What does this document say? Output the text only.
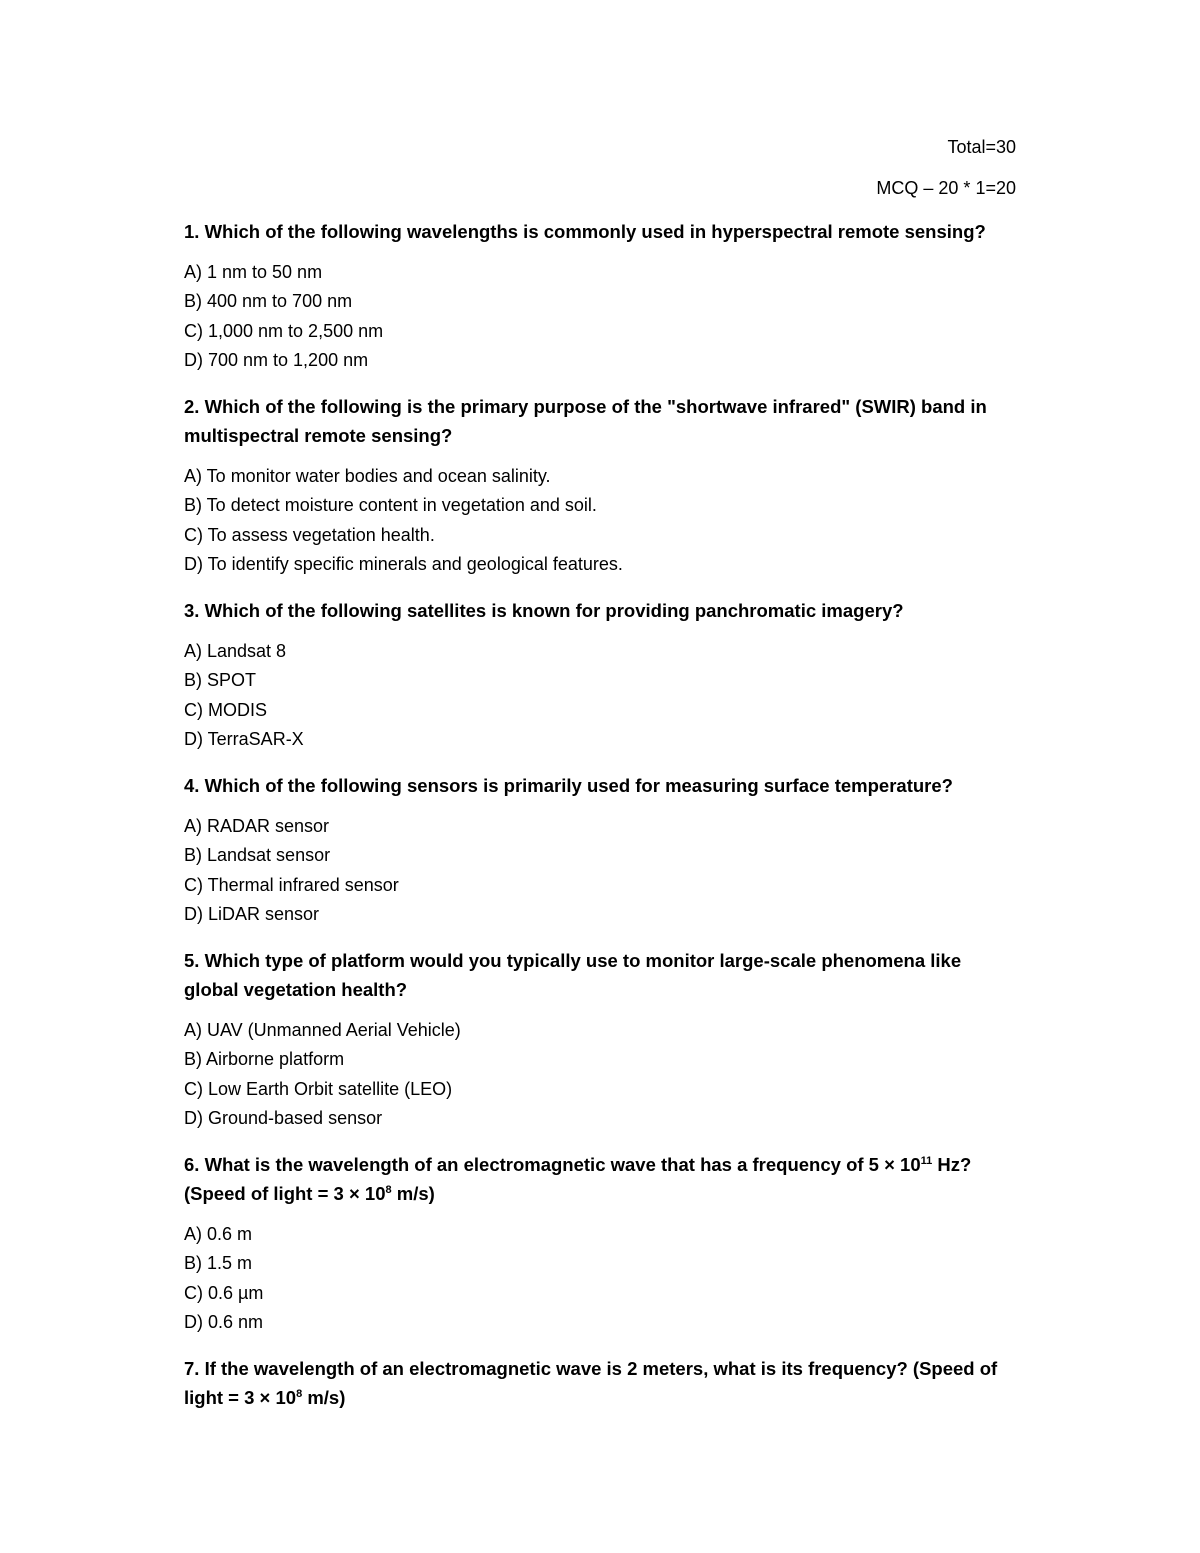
Total=30
MCQ – 20 * 1=20

1. Which of the following wavelengths is commonly used in hyperspectral remote sensing?

A) 1 nm to 50 nm
B) 400 nm to 700 nm
C) 1,000 nm to 2,500 nm
D) 700 nm to 1,200 nm

2. Which of the following is the primary purpose of the "shortwave infrared" (SWIR) band in multispectral remote sensing?

A) To monitor water bodies and ocean salinity.
B) To detect moisture content in vegetation and soil.
C) To assess vegetation health.
D) To identify specific minerals and geological features.

3. Which of the following satellites is known for providing panchromatic imagery?

A) Landsat 8
B) SPOT
C) MODIS
D) TerraSAR-X

4. Which of the following sensors is primarily used for measuring surface temperature?

A) RADAR sensor
B) Landsat sensor
C) Thermal infrared sensor
D) LiDAR sensor

5. Which type of platform would you typically use to monitor large-scale phenomena like global vegetation health?

A) UAV (Unmanned Aerial Vehicle)
B) Airborne platform
C) Low Earth Orbit satellite (LEO)
D) Ground-based sensor

6. What is the wavelength of an electromagnetic wave that has a frequency of $5 \times 10^{11}$ Hz? (Speed of light = $3 \times 10^8$ m/s)

A) 0.6 m
B) 1.5 m
C) 0.6 µm
D) 0.6 nm

7. If the wavelength of an electromagnetic wave is 2 meters, what is its frequency? (Speed of light = $3 \times 10^8$ m/s)
